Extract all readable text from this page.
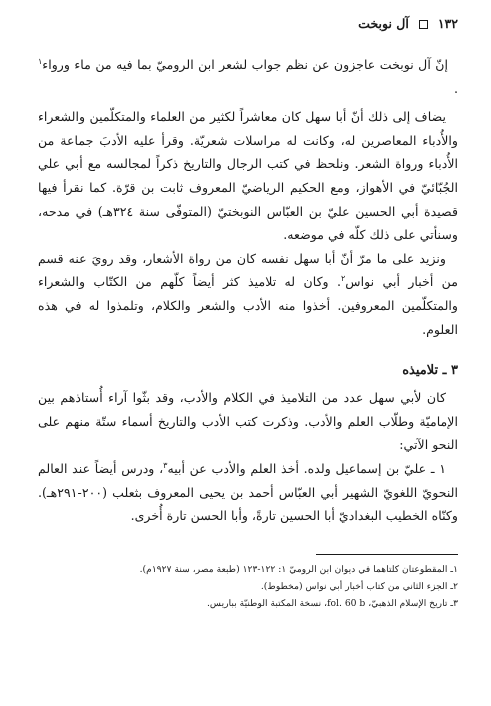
١٣٢
آل نوبخت

إنّ آل نوبخت عاجزون عن نظم جواب لشعر ابن الروميّ بما فيه من ماء ورواء$^١$ .

يضاف إلى ذلك أنّ أبا سهل كان معاشراً لكثير من العلماء والمتكلّمين والشعراء والأُدباء المعاصرين له، وكانت له مراسلات شعريّة. وقرأ عليه الأدبَ جماعة من الأُدباء ورواة الشعر. ونلحظ في كتب الرجال والتاريخ ذكراً لمجالسه مع أبي علي الجُبّائيّ في الأهواز، ومع الحكيم الرياضيّ المعروف ثابت بن قرّة. كما نقرأ فيها قصيدة أبي الحسين عليّ بن العبّاس النوبختيّ (المتوفّى سنة ٣٢٤هـ) في مدحه، وسنأتي على ذلك كلّه في موضعه.

ونزيد على ما مرّ أنّ أبا سهل نفسه كان من رواة الأشعار، وقد رويَ عنه قسم من أخبار أبي نواس$^٢$. وكان له تلاميذ كثر أيضاً كلّهم من الكتّاب والشعراء والمتكلّمين المعروفين. أخذوا منه الأدب والشعر والكلام، وتلمذوا له في هذه العلوم.

٣ ـ تلاميذه

كان لأبي سهل عدد من التلاميذ في الكلام والأدب، وقد بثّوا آراء أُستاذهم بين الإماميّة وطلّاب العلم والأدب. وذكرت كتب الأدب والتاريخ أسماء ستّة منهم على النحو الآتي:

١ ـ عليّ بن إسماعيل ولده. أخذ العلم والأدب عن أبيه$^٣$، ودرس أيضاً عند العالم النحويّ اللغويّ الشهير أبي العبّاس أحمد بن يحيى المعروف بثعلب (٢٠٠-٢٩١هـ). وكنّاه الخطيب البغداديّ أبا الحسين تارةً، وأبا الحسن تارة أُخرى.

١ـ المقطوعتان كلتاهما في ديوان ابن الروميّ ١: ١٢٢-١٢٣ (طبعة مصر، سنة ١٩٢٧م).
٢ـ الجزء الثاني من كتاب أخبار أبي نواس (مخطوط).
٣ـ تاريخ الإسلام الذهبيّ، fol. 60 b، نسخة المكتبة الوطنيّة بباريس.
